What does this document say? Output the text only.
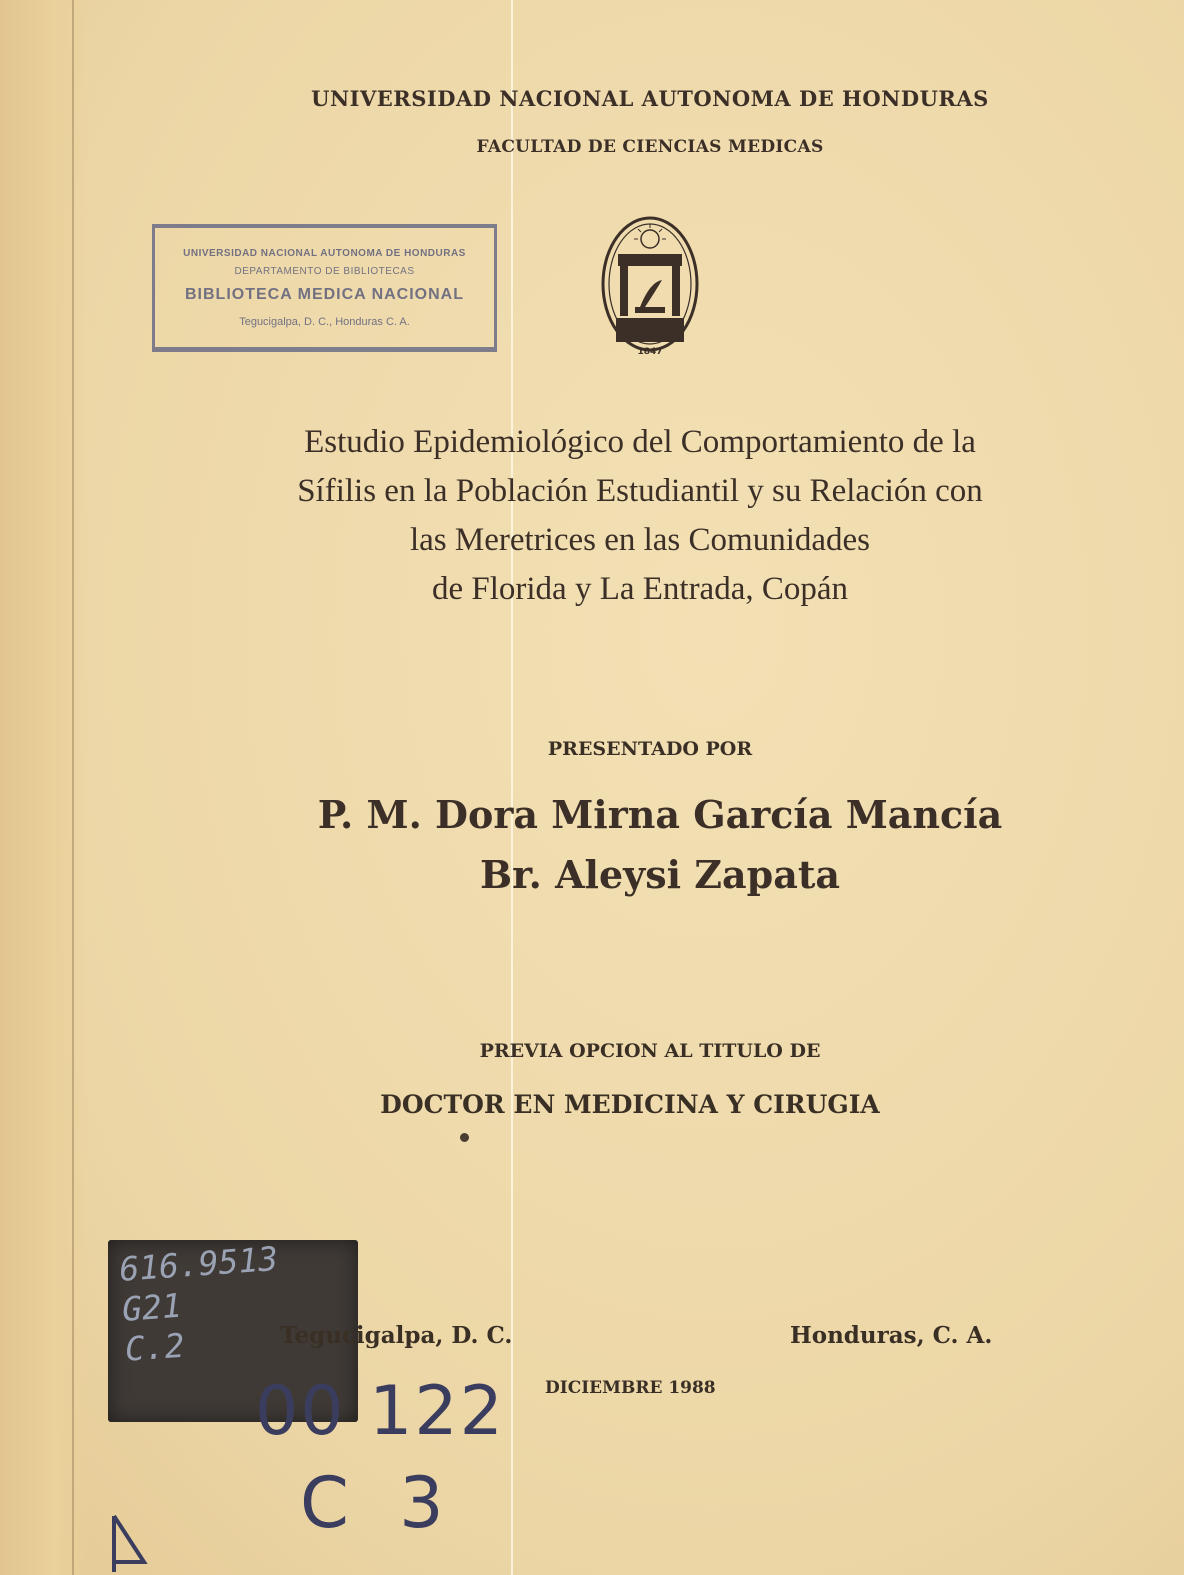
UNIVERSIDAD NACIONAL AUTONOMA DE HONDURAS
FACULTAD DE CIENCIAS MEDICAS
UNIVERSIDAD NACIONAL AUTONOMA DE HONDURAS
DEPARTAMENTO DE BIBLIOTECAS
BIBLIOTECA MEDICA NACIONAL
Tegucigalpa, D. C., Honduras C. A.
1847
Estudio Epidemiológico del Comportamiento de la
Sífilis en la Población Estudiantil y su Relación con
las Meretrices en las Comunidades
de Florida y La Entrada, Copán
PRESENTADO POR
P. M. Dora Mirna García Mancía
Br. Aleysi Zapata
PREVIA OPCION AL TITULO DE
DOCTOR EN MEDICINA Y CIRUGIA
616.9513
G21
C.2	Tegucigalpa, D. C.	Honduras, C. A.
DICIEMBRE 1988
00 122
C 3
